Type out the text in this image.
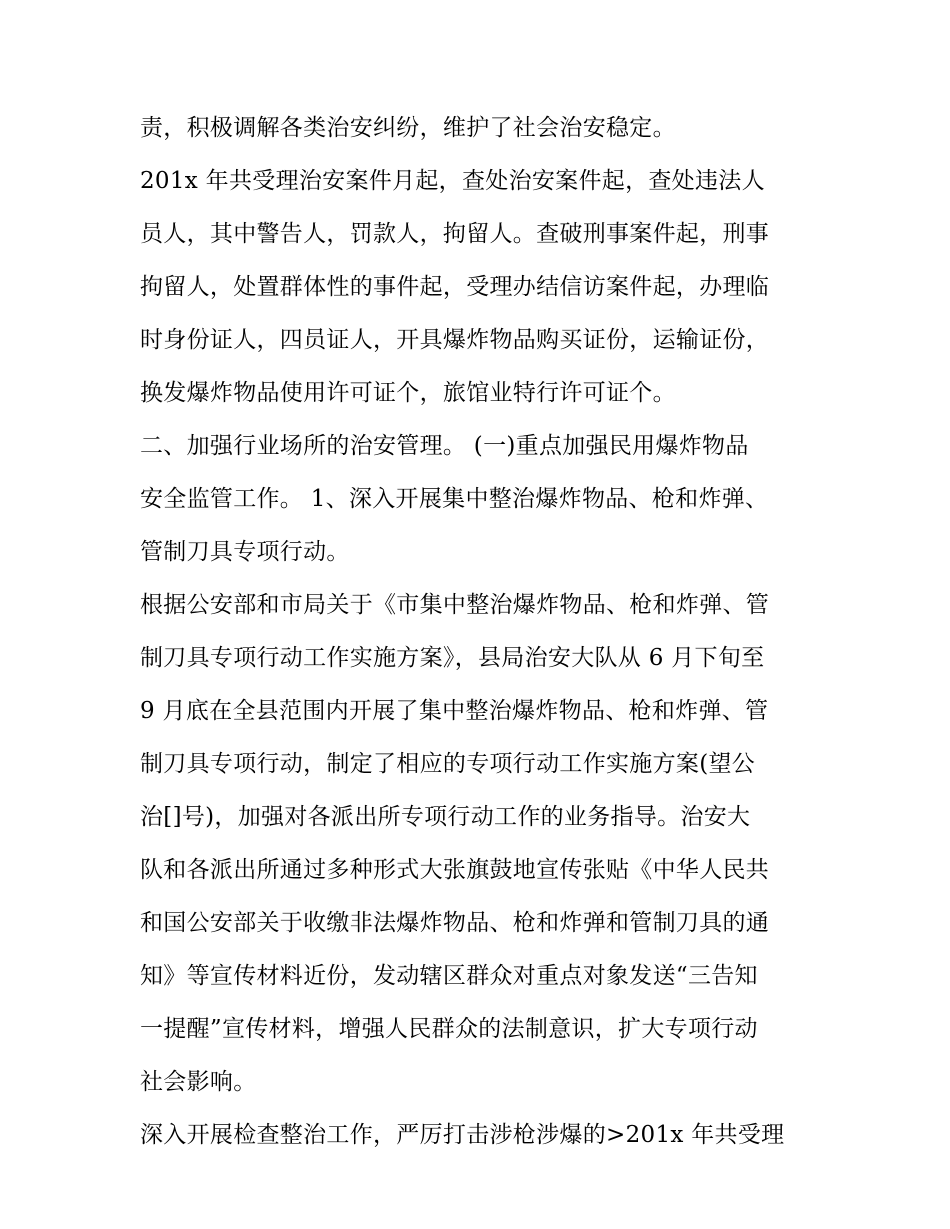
责，积极调解各类治安纠纷，维护了社会治安稳定。
201x 年共受理治安案件月起，查处治安案件起，查处违法人
员人，其中警告人，罚款人，拘留人。查破刑事案件起，刑事
拘留人，处置群体性的事件起，受理办结信访案件起，办理临
时身份证人，四员证人，开具爆炸物品购买证份，运输证份，
换发爆炸物品使用许可证个，旅馆业特行许可证个。
二、加强行业场所的治安管理。 (一)重点加强民用爆炸物品
安全监管工作。 1、深入开展集中整治爆炸物品、枪和炸弹、
管制刀具专项行动。
根据公安部和市局关于《市集中整治爆炸物品、枪和炸弹、管
制刀具专项行动工作实施方案》，县局治安大队从 6 月下旬至
9 月底在全县范围内开展了集中整治爆炸物品、枪和炸弹、管
制刀具专项行动，制定了相应的专项行动工作实施方案(望公
治[]号)，加强对各派出所专项行动工作的业务指导。治安大
队和各派出所通过多种形式大张旗鼓地宣传张贴《中华人民共
和国公安部关于收缴非法爆炸物品、枪和炸弹和管制刀具的通
知》等宣传材料近份，发动辖区群众对重点对象发送“三告知
一提醒”宣传材料，增强人民群众的法制意识，扩大专项行动
社会影响。
深入开展检查整治工作，严厉打击涉枪涉爆的>201x 年共受理
